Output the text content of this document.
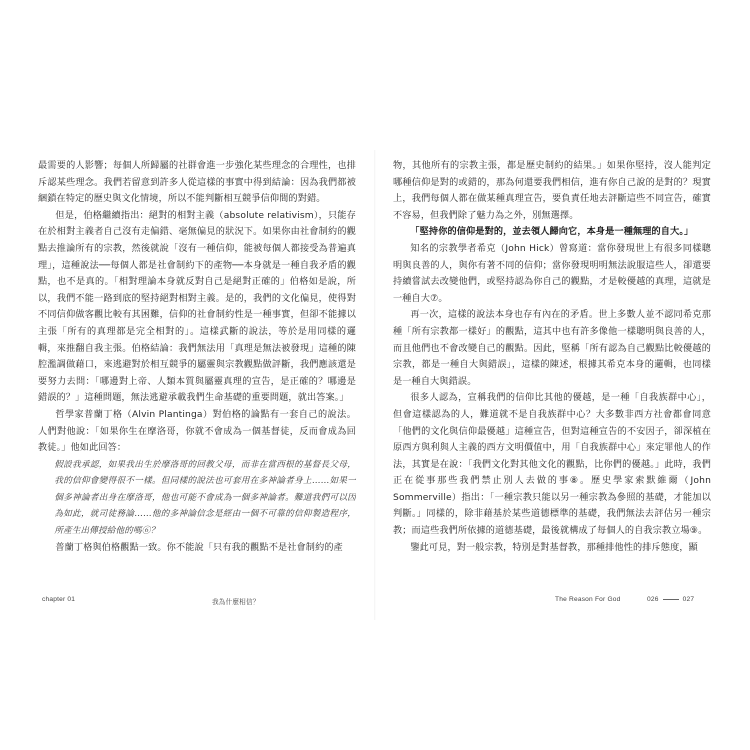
最需要的人影響；每個人所歸屬的社群會進一步強化某些理念的合理性，也排斥認某些理念。我們若留意到許多人從這樣的事實中得到結論：因為我們都被綑鎖在特定的歷史與文化情境，所以不能判斷相互競爭信仰間的對錯。

但是，伯格繼續指出：絕對的相對主義（absolute relativism），只能存在於相對主義者自己沒有走偏錯、毫無偏見的狀況下。如果你由社會制約的觀點去推論所有的宗教，然後就說「沒有一種信仰，能被每個人都接受為普遍真理」，這種說法──每個人都是社會制約下的產物──本身就是一種自我矛盾的觀點，也不是真的。「相對理論本身就反對自己是絕對正確的」伯格如是說，所以，我們不能一路到底的堅持絕對相對主義。是的，我們的文化偏見，使得對不同信仰做客觀比較有其困難，信仰的社會制約性是一種事實，但卻不能據以主張「所有的真理都是完全相對的」。這樣武斷的說法，等於是用同樣的邏輯，來推翻自我主張。伯格結論：我們無法用「真理是無法被發現」這種的陳腔濫調做藉口，來逃避對於相互競爭的屬靈與宗教觀點做評斷，我們應該還是要努力去問：「哪邊對上帝、人類本質與屬靈真理的宣告，是正確的？哪邊是錯誤的？」這種問題，無法逃避承載我們生命基礎的重要問題，就出答案。」

哲學家普蘭丁格（Alvin Plantinga）對伯格的論點有一套自己的說法。人們對他說：「如果你生在摩洛哥，你就不會成為一個基督徒，反而會成為回教徒。」他如此回答：

假設我承認，如果我出生於摩洛哥的回教父母，而非在當西根的基督長父母，我的信仰會變得很不一樣。但同樣的說法也可套用在多神論者身上……如果一個多神論者出身在摩洛哥，他也可能不會成為一個多神論者。難道我們可以因為如此，就司徒務論……他的多神論信念是經由一個不可靠的信仰製造程序，所產生出傳授給他的嗎⑥？

普蘭丁格與伯格觀點一致。你不能說「只有我的觀點不是社會制約的產

物，其他所有的宗教主張，都是歷史制約的結果。」如果你堅持，沒人能判定哪種信仰是對的或錯的，那為何還要我們相信，進有你自己說的是對的？現實上，我們每個人都在做某種真理宣告，要負責任地去評斷這些不同宣告，確實不容易，但我們除了魅力為之外，別無選擇。

「堅持你的信仰是對的，並去領人歸向它，本身是一種無理的自大。」

知名的宗教學者希克（John Hick）曾寫道：當你發現世上有很多同樣聰明與良善的人，與你有著不同的信仰；當你發現明明無法說服這些人，卻還要持續嘗試去改變他們，或堅持認為你自己的觀點，才是較優越的真理，這就是一種自大⑦。

再一次，這樣的說法本身也存有內在的矛盾。世上多數人並不認同希克那種「所有宗教都一樣好」的觀點，這其中也有許多像他一樣聰明與良善的人，而且他們也不會改變自己的觀點。因此，堅稱「所有認為自己觀點比較優越的宗教，都是一種自大與錯誤」，這樣的陳述，根據其希克本身的邏輯，也同樣是一種自大與錯誤。

很多人認為，宣稱我們的信仰比其他的優越，是一種「自我族群中心」，但會這樣認為的人，難道就不是自我族群中心？大多數非西方社會都會同意「他們的文化與信仰最優越」這種宣告，但對這種宣告的不安因子，卻深植在原西方與利與人主義的西方文明價值中，用「自我族群中心」來定罪他人的作法，其實是在說：「我們文化對其他文化的觀點，比你們的優越。」此時，我們正在從事那些我們禁止別人去做的事⑧。歷史學家索默維爾（John Sommerville）指出：「一種宗教只能以另一種宗教為參照的基礎，才能加以判斷。」同樣的，除非藉基於某些道德標準的基礎，我們無法去評估另一種宗教；而這些我們所依據的道德基礎，最後就構成了每個人的自我宗教立場⑨。

鑒此可見，對一般宗教，特別是對基督教，那種排他性的排斥態度，顯

chapter 01	我為什麼相信？	The Reason For God	026	027
